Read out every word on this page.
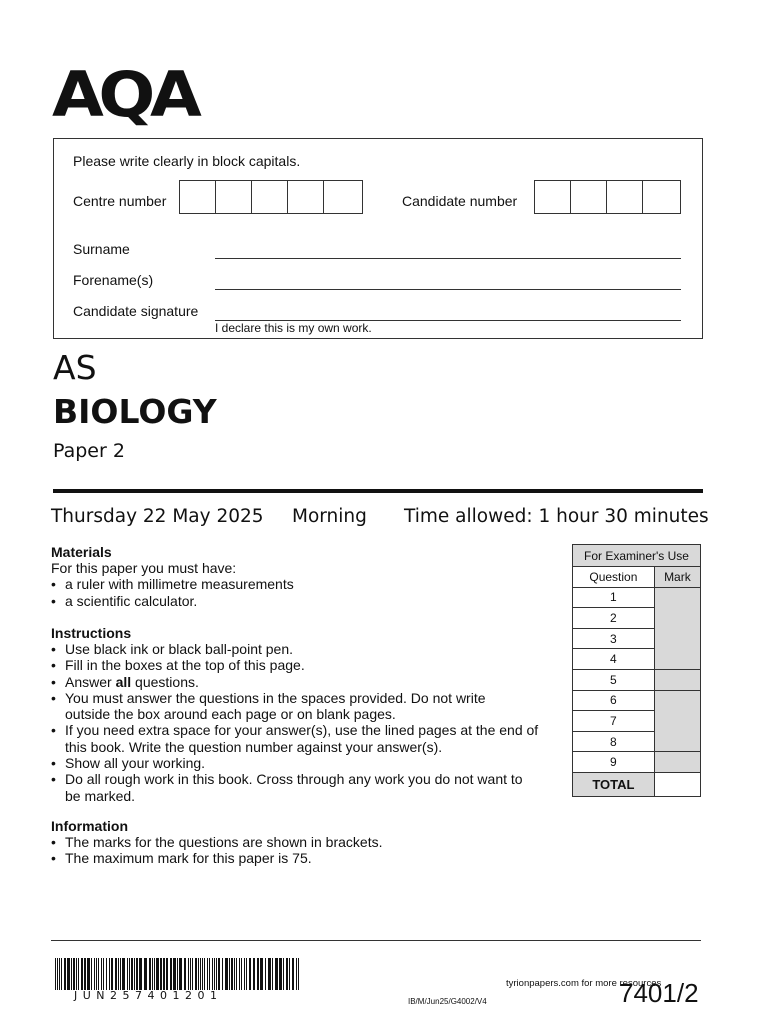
AQA
Please write clearly in block capitals.
Centre number	Candidate number
Surname
Forename(s)
Candidate signature
I declare this is my own work.
AS
BIOLOGY
Paper 2
Thursday 22 May 2025 Morning Time allowed: 1 hour 30 minutes
Materials
For this paper you must have:
• a ruler with millimetre measurements
• a scientific calculator.
Instructions
• Use black ink or black ball-point pen.
• Fill in the boxes at the top of this page.
• Answer all questions.
• You must answer the questions in the spaces provided. Do not write outside the box around each page or on blank pages.
• If you need extra space for your answer(s), use the lined pages at the end of this book. Write the question number against your answer(s).
• Show all your working.
• Do all rough work in this book. Cross through any work you do not want to be marked.
Information
• The marks for the questions are shown in brackets.
• The maximum mark for this paper is 75.
For Examiner's Use	
Question	Mark
1	
2	
3	
4	
5	
6	
7	
8	
9	
TOTAL	
J U N 2 5 7 4 0 1 2 0 1	IB/M/Jun25/G4002/V4
tyrionpapers.com for more resources
7401/2
